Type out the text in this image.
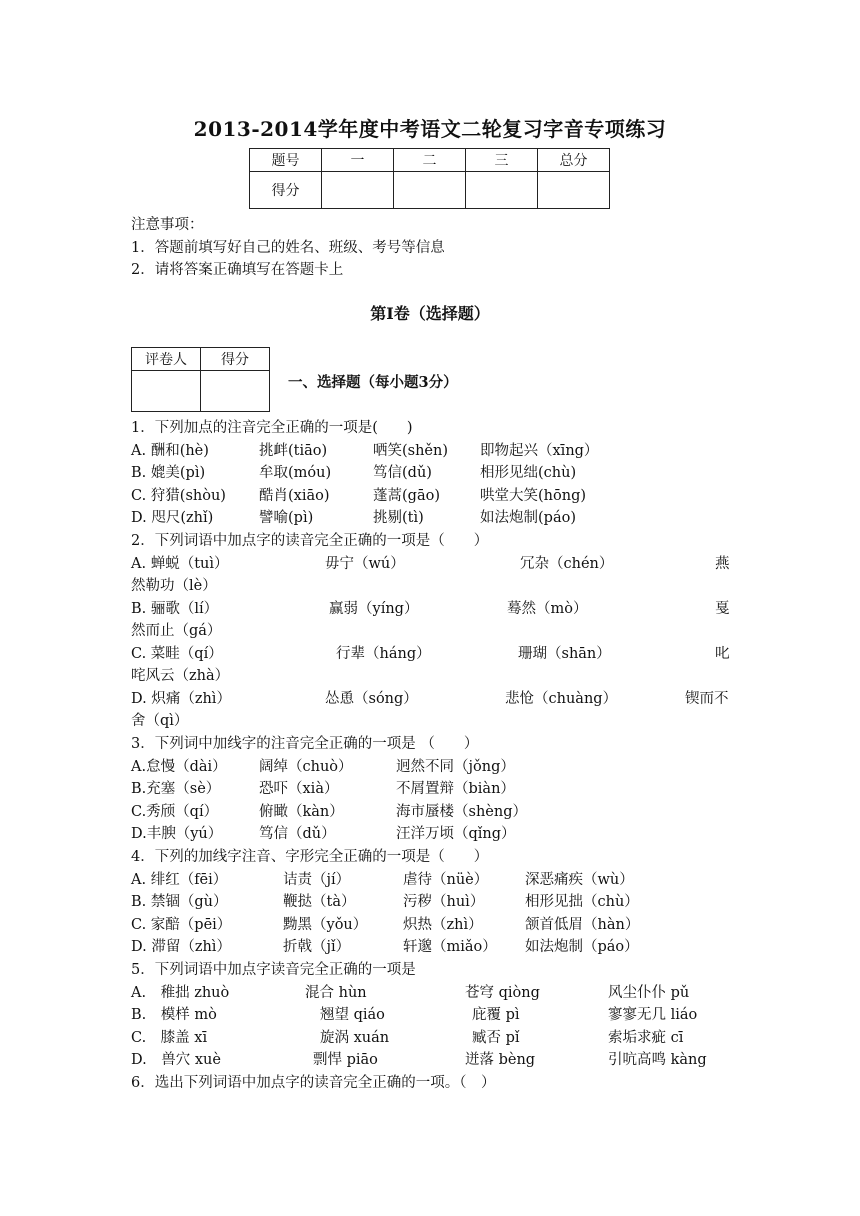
2013-2014学年度中考语文二轮复习字音专项练习
题号	一	二	三	总分
得分				
注意事项：
1．答题前填写好自己的姓名、班级、考号等信息
2．请将答案正确填写在答题卡上
第I卷（选择题）
评卷人	得分

一、选择题（每小题3分）
1．下列加点的注音完全正确的一项是(　　)
A. 酬和(hè)	挑衅(tiāo)	哂笑(shěn) 即物起兴（xīng）
B. 媲美(pì)	牟取(móu)	笃信(dǔ)	相形见绌(chù)
C. 狩猎(shòu) 酷肖(xiāo)	蓬蒿(gāo)	哄堂大笑(hōng)
D. 咫尺(zhǐ)	譬喻(pì)	挑剔(tì)	如法炮制(páo)
2．下列词语中加点字的读音完全正确的一项是（　　）
A. 蝉蜕（tuì）	毋宁（wú）	冗杂（chén）	燕
然勒功（lè）
B. 骊歌（lí）	赢弱（yíng）	蓦然（mò）	戛
然而止（gá）
C. 菜畦（qí）	行辈（háng）	珊瑚（shān）	叱
咤风云（zhà）
D. 炽痛（zhì）	怂恿（sóng）	悲怆（chuàng）	锲而不
舍（qì）
3．下列词中加线字的注音完全正确的一项是 （　　）
A.怠慢（dài） 阔绰（chuò）	迥然不同（jǒng）
B.充塞（sè）	恐吓（xià）	不屑置辩（biàn）
C.秀颀（qí）	俯瞰（kàn）	海市蜃楼（shèng）
D.丰腴（yú）	笃信（dǔ）	汪洋万顷（qǐng）
4．下列的加线字注音、字形完全正确的一项是（　　）
A. 绯红（fēi）	诘责（jí）	虐待（nüè）	深恶痛疾（wù）
B. 禁锢（gù）	鞭挞（tà）	污秽（huì）	相形见拙（chù）
C. 家醅（pēi）	黝黑（yǒu） 炽热（zhì）	颔首低眉（hàn）
D. 滞留（zhì）	折戟（jǐ）	轩邈（miǎo） 如法炮制（páo）
5．下列词语中加点字读音完全正确的一项是
A.　稚拙 zhuò	混合 hùn	苍穹 qiòng	风尘仆仆 pǔ
B.　模样 mò	翘望 qiáo	庇覆 pì	寥寥无几 liáo
C.　膝盖 xī	旋涡 xuán	臧否 pǐ	索垢求疵 cī
D.　兽穴 xuè	剽悍 piāo	迸落 bèng	引吭高鸣 kàng
6．选出下列词语中加点字的读音完全正确的一项。（　）
